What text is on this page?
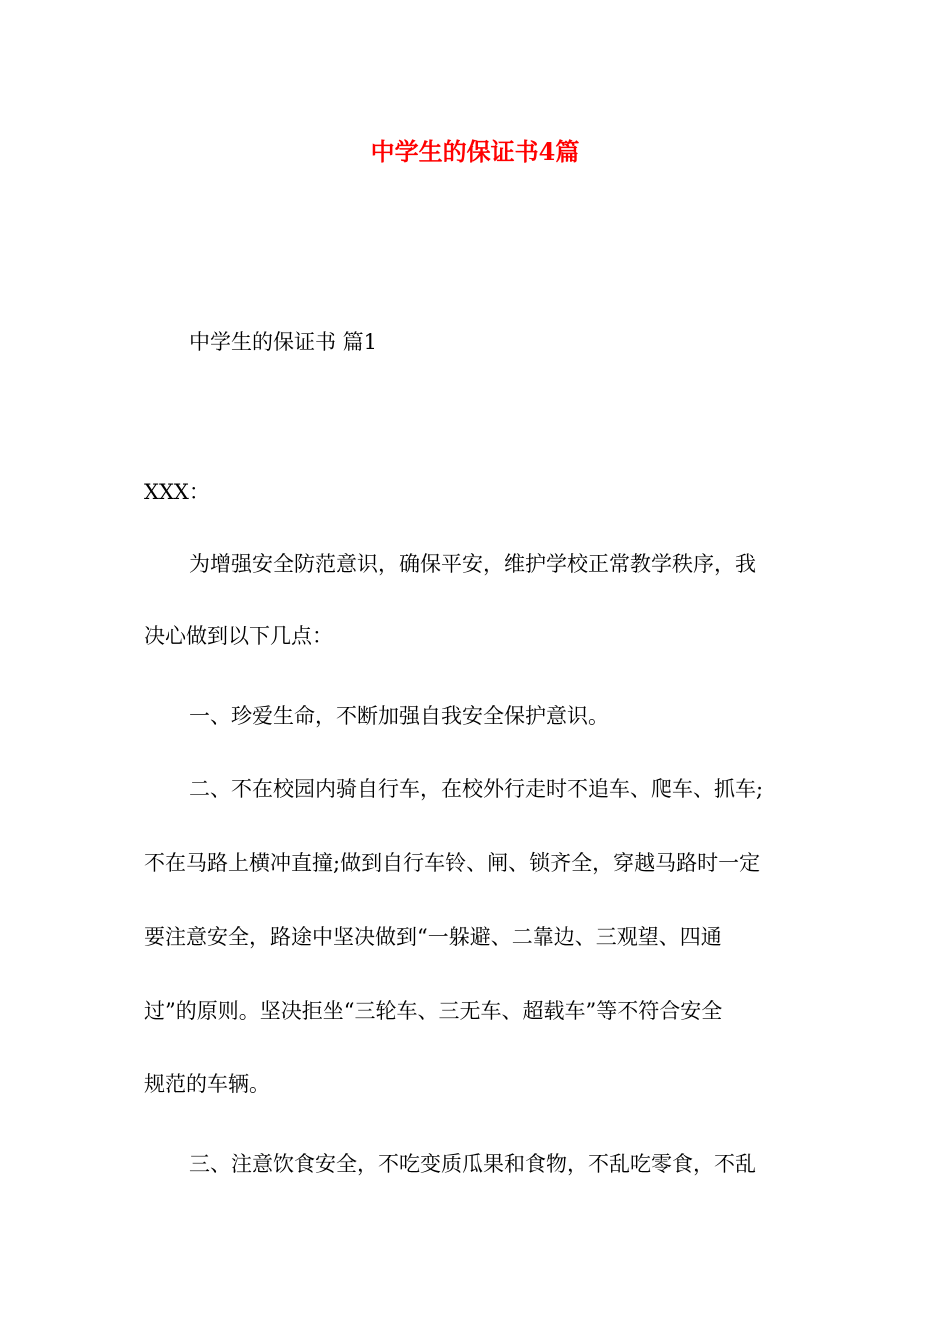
中学生的保证书4篇

中学生的保证书 篇1

XXX：

为增强安全防范意识，确保平安，维护学校正常教学秩序，我

决心做到以下几点：

一、珍爱生命，不断加强自我安全保护意识。

二、不在校园内骑自行车，在校外行走时不追车、爬车、抓车;

不在马路上横冲直撞;做到自行车铃、闸、锁齐全，穿越马路时一定

要注意安全，路途中坚决做到“一躲避、二靠边、三观望、四通

过”的原则。坚决拒坐“三轮车、三无车、超载车”等不符合安全

规范的车辆。

三、注意饮食安全，不吃变质瓜果和食物，不乱吃零食，不乱
